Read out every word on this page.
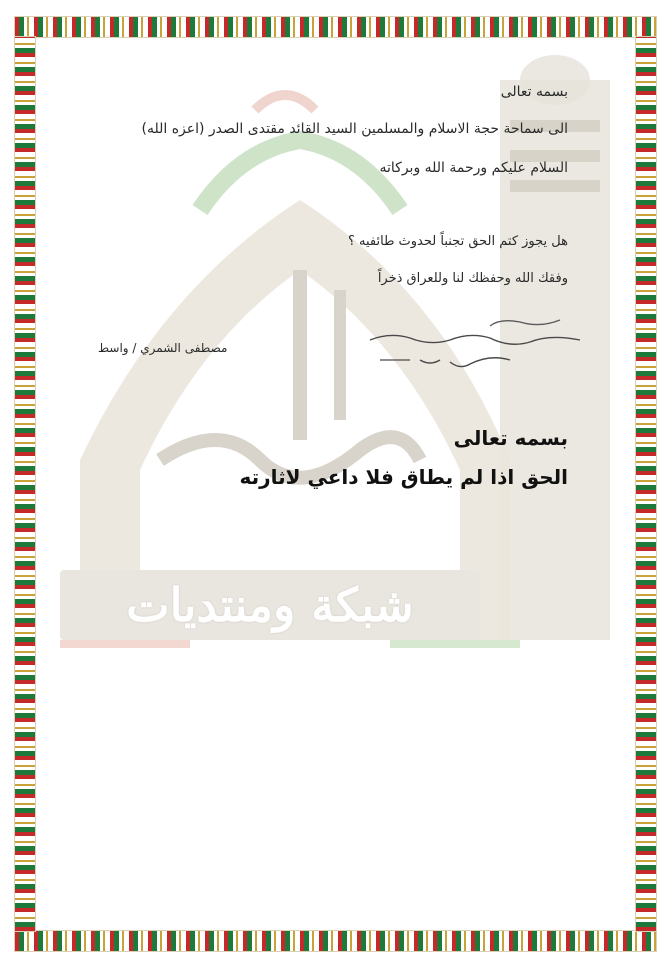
شبكة ومنتديات
بسمه تعالى
الى سماحة حجة الاسلام والمسلمين السيد القائد مقتدى الصدر (اعزه الله)
السلام عليكم ورحمة الله وبركاته
هل يجوز كتم الحق تجنباً لحدوث طائفيه ؟
وفقك الله وحفظك لنا وللعراق ذخراً
مصطفى الشمري / واسط
بسمه تعالى
الحق اذا لم يطاق فلا داعي لاثارته
